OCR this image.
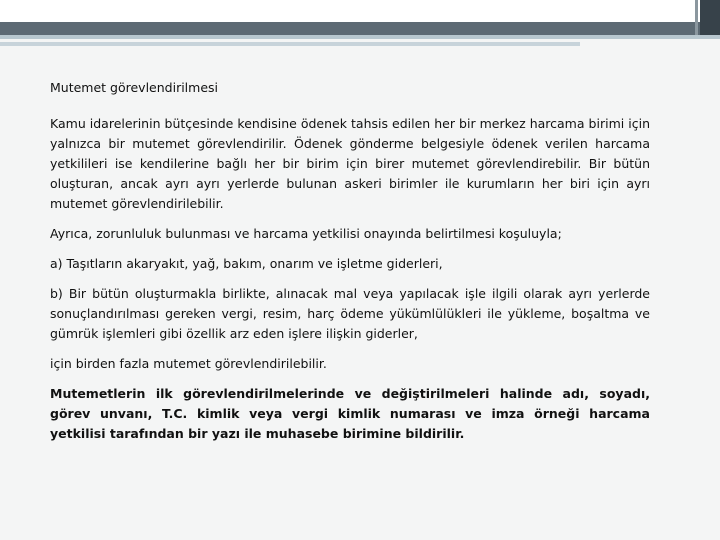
Mutemet görevlendirilmesi

Kamu idarelerinin bütçesinde kendisine ödenek tahsis edilen her bir merkez harcama birimi için yalnızca bir mutemet görevlendirilir. Ödenek gönderme belgesiyle ödenek verilen harcama yetkilileri ise kendilerine bağlı her bir birim için birer mutemet görevlendirebilir. Bir bütün oluşturan, ancak ayrı ayrı yerlerde bulunan askeri birimler ile kurumların her biri için ayrı mutemet görevlendirilebilir.

Ayrıca, zorunluluk bulunması ve harcama yetkilisi onayında belirtilmesi koşuluyla;

a) Taşıtların akaryakıt, yağ, bakım, onarım ve işletme giderleri,

b) Bir bütün oluşturmakla birlikte, alınacak mal veya yapılacak işle ilgili olarak ayrı yerlerde sonuçlandırılması gereken vergi, resim, harç ödeme yükümlülükleri ile yükleme, boşaltma ve gümrük işlemleri gibi özellik arz eden işlere ilişkin giderler,

için birden fazla mutemet görevlendirilebilir.

Mutemetlerin ilk görevlendirilmelerinde ve değiştirilmeleri halinde adı, soyadı, görev unvanı, T.C. kimlik veya vergi kimlik numarası ve imza örneği harcama yetkilisi tarafından bir yazı ile muhasebe birimine bildirilir.
